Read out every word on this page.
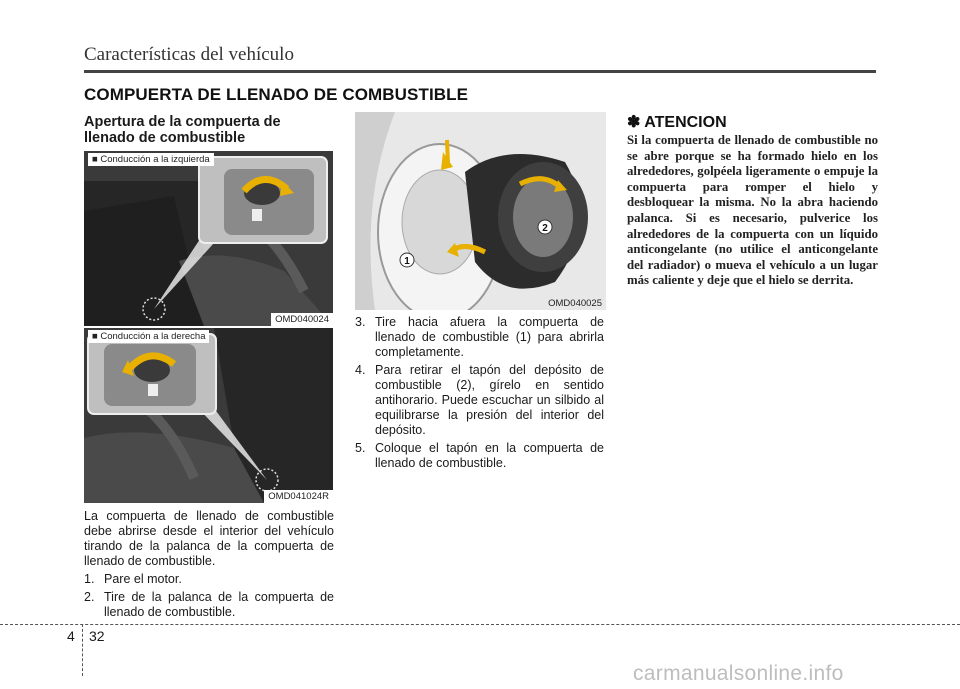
Características del vehículo
COMPUERTA DE LLENADO DE COMBUSTIBLE
Apertura de la compuerta de llenado de combustible
■ Conducción a la izquierda
OMD040024
■ Conducción a la derecha
OMD041024R
La compuerta de llenado de combustible debe abrirse desde el interior del vehículo tirando de la palanca de la compuerta de llenado de combustible.
1. Pare el motor.
2. Tire de la palanca de la compuerta de llenado de combustible.
1
2
OMD040025
3. Tire hacia afuera la compuerta de llenado de combustible (1) para abrirla completamente.
4. Para retirar el tapón del depósito de combustible (2), gírelo en sentido antihorario. Puede escuchar un silbido al equilibrarse la presión del interior del depósito.
5. Coloque el tapón en la compuerta de llenado de combustible.
✽ ATENCION
Si la compuerta de llenado de combustible no se abre porque se ha formado hielo en los alrededores, golpéela ligeramente o empuje la compuerta para romper el hielo y desbloquear la misma. No la abra haciendo palanca. Si es necesario, pulverice los alrededores de la compuerta con un líquido anticongelante (no utilice el anticongelante del radiador) o mueva el vehículo a un lugar más caliente y deje que el hielo se derrita.
4 32
carmanualsonline.info
